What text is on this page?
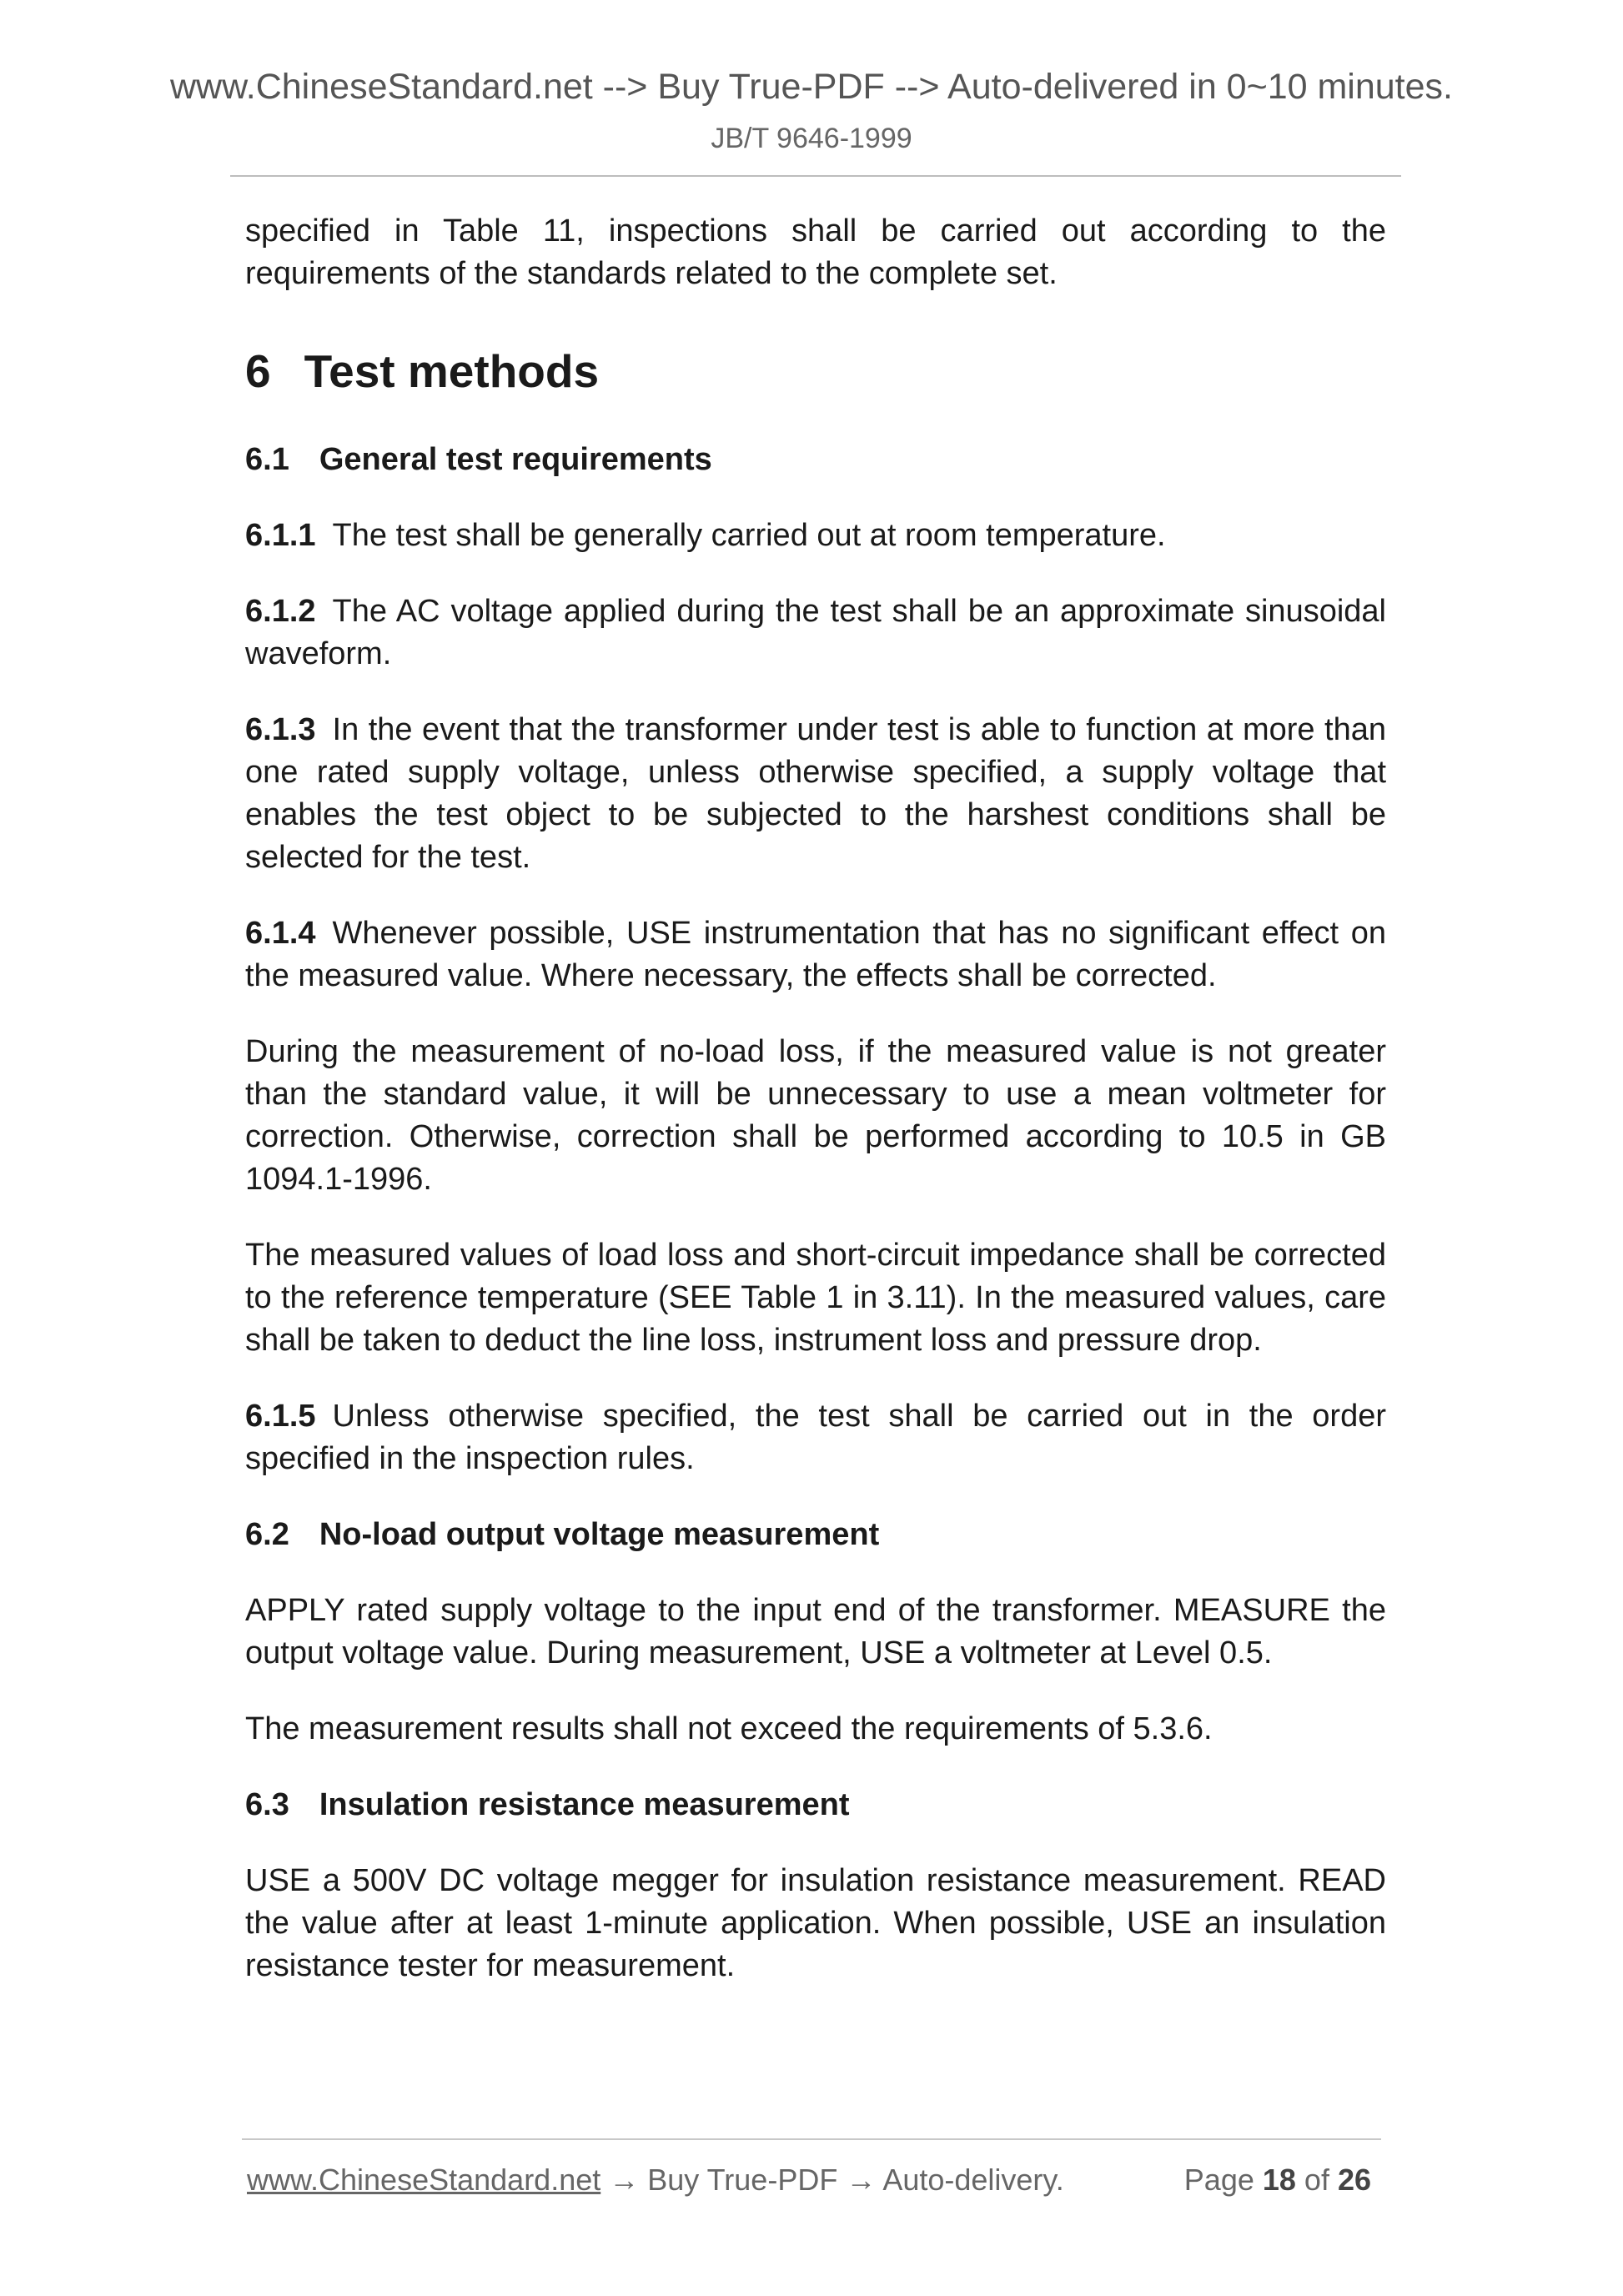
www.ChineseStandard.net --> Buy True-PDF --> Auto-delivered in 0~10 minutes.
JB/T 9646-1999

specified in Table 11, inspections shall be carried out according to the requirements of the standards related to the complete set.

6 Test methods
6.1 General test requirements

6.1.1 The test shall be generally carried out at room temperature.

6.1.2 The AC voltage applied during the test shall be an approximate sinusoidal waveform.

6.1.3 In the event that the transformer under test is able to function at more than one rated supply voltage, unless otherwise specified, a supply voltage that enables the test object to be subjected to the harshest conditions shall be selected for the test.

6.1.4 Whenever possible, USE instrumentation that has no significant effect on the measured value. Where necessary, the effects shall be corrected.

During the measurement of no-load loss, if the measured value is not greater than the standard value, it will be unnecessary to use a mean voltmeter for correction. Otherwise, correction shall be performed according to 10.5 in GB 1094.1-1996.

The measured values of load loss and short-circuit impedance shall be corrected to the reference temperature (SEE Table 1 in 3.11). In the measured values, care shall be taken to deduct the line loss, instrument loss and pressure drop.

6.1.5 Unless otherwise specified, the test shall be carried out in the order specified in the inspection rules.

6.2 No-load output voltage measurement

APPLY rated supply voltage to the input end of the transformer. MEASURE the output voltage value. During measurement, USE a voltmeter at Level 0.5.

The measurement results shall not exceed the requirements of 5.3.6.

6.3 Insulation resistance measurement

USE a 500V DC voltage megger for insulation resistance measurement. READ the value after at least 1-minute application. When possible, USE an insulation resistance tester for measurement.

www.ChineseStandard.net → Buy True-PDF → Auto-delivery.	Page 18 of 26
